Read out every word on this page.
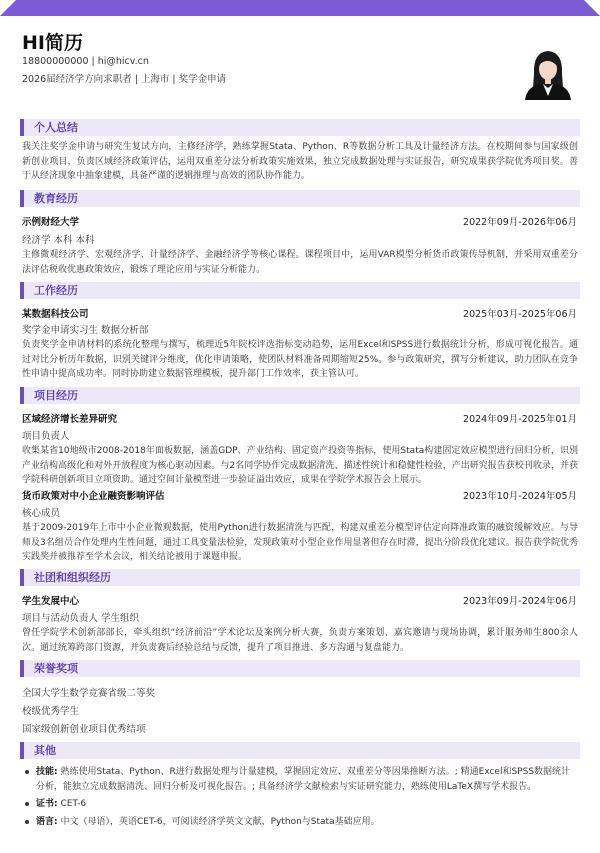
HI简历
18800000000 | hi@hicv.cn
2026届经济学方向求职者 | 上海市 | 奖学金申请
个人总结
我关注奖学金申请与研究生复试方向，主修经济学，熟练掌握Stata、Python、R等数据分析工具及计量经济方法。在校期间参与国家级创新创业项目，负责区域经济政策评估，运用双重差分法分析政策实施效果，独立完成数据处理与实证报告，研究成果获学院优秀项目奖。善于从经济现象中抽象建模，具备严谨的逻辑推理与高效的团队协作能力。
教育经历
示例财经大学	2022年09月-2026年06月
经济学 本科 本科
主修微观经济学、宏观经济学、计量经济学、金融经济学等核心课程。课程项目中，运用VAR模型分析货币政策传导机制，并采用双重差分法评估税收优惠政策效应，锻炼了理论应用与实证分析能力。
工作经历
某数据科技公司	2025年03月-2025年06月
奖学金申请实习生 数据分析部
负责奖学金申请材料的系统化整理与撰写，梳理近5年院校评选指标变动趋势，运用Excel和SPSS进行数据统计分析，形成可视化报告。通过对比分析历年数据，识别关键评分维度，优化申请策略，使团队材料准备周期缩短25%。参与政策研究，撰写分析建议，助力团队在竞争性申请中提高成功率。同时协助建立数据管理模板，提升部门工作效率，获主管认可。
项目经历
区域经济增长差异研究	2024年09月-2025年01月
项目负责人
收集某省10地级市2008-2018年面板数据，涵盖GDP、产业结构、固定资产投资等指标，使用Stata构建固定效应模型进行回归分析，识别产业结构高级化和对外开放程度为核心驱动因素。与2名同学协作完成数据清洗、描述性统计和稳健性检验，产出研究报告获校刊收录，并获学院科研创新项目立项资助。通过空间计量模型进一步验证溢出效应，成果在学院学术报告会上展示。
货币政策对中小企业融资影响评估	2023年10月-2024年05月
核心成员
基于2009-2019年上市中小企业微观数据，使用Python进行数据清洗与匹配，构建双重差分模型评估定向降准政策的融资缓解效应。与导师及3名组员合作处理内生性问题，通过工具变量法检验，发现政策对小型企业作用显著但存在时滞，提出分阶段优化建议。报告获学院优秀实践奖并被推荐至学术会议，相关结论被用于课题申报。
社团和组织经历
学生发展中心	2023年09月-2024年06月
项目与活动负责人 学生组织
曾任学院学术创新部部长，牵头组织“经济前沿”学术论坛及案例分析大赛，负责方案策划、嘉宾邀请与现场协调，累计服务师生800余人次。通过统筹跨部门资源，并负责赛后经验总结与反馈，提升了项目推进、多方沟通与复盘能力。
荣誉奖项
全国大学生数学竞赛省级二等奖
校级优秀学生
国家级创新创业项目优秀结项
其他
技能: 熟练使用Stata、Python、R进行数据处理与计量建模，掌握固定效应、双重差分等因果推断方法。; 精通Excel和SPSS数据统计分析，能独立完成数据清洗、回归分析及可视化报告。; 具备经济学文献检索与实证研究能力，熟练使用LaTeX撰写学术报告。
证书: CET-6
语言: 中文（母语），英语CET-6，可阅读经济学英文文献，Python与Stata基础应用。
